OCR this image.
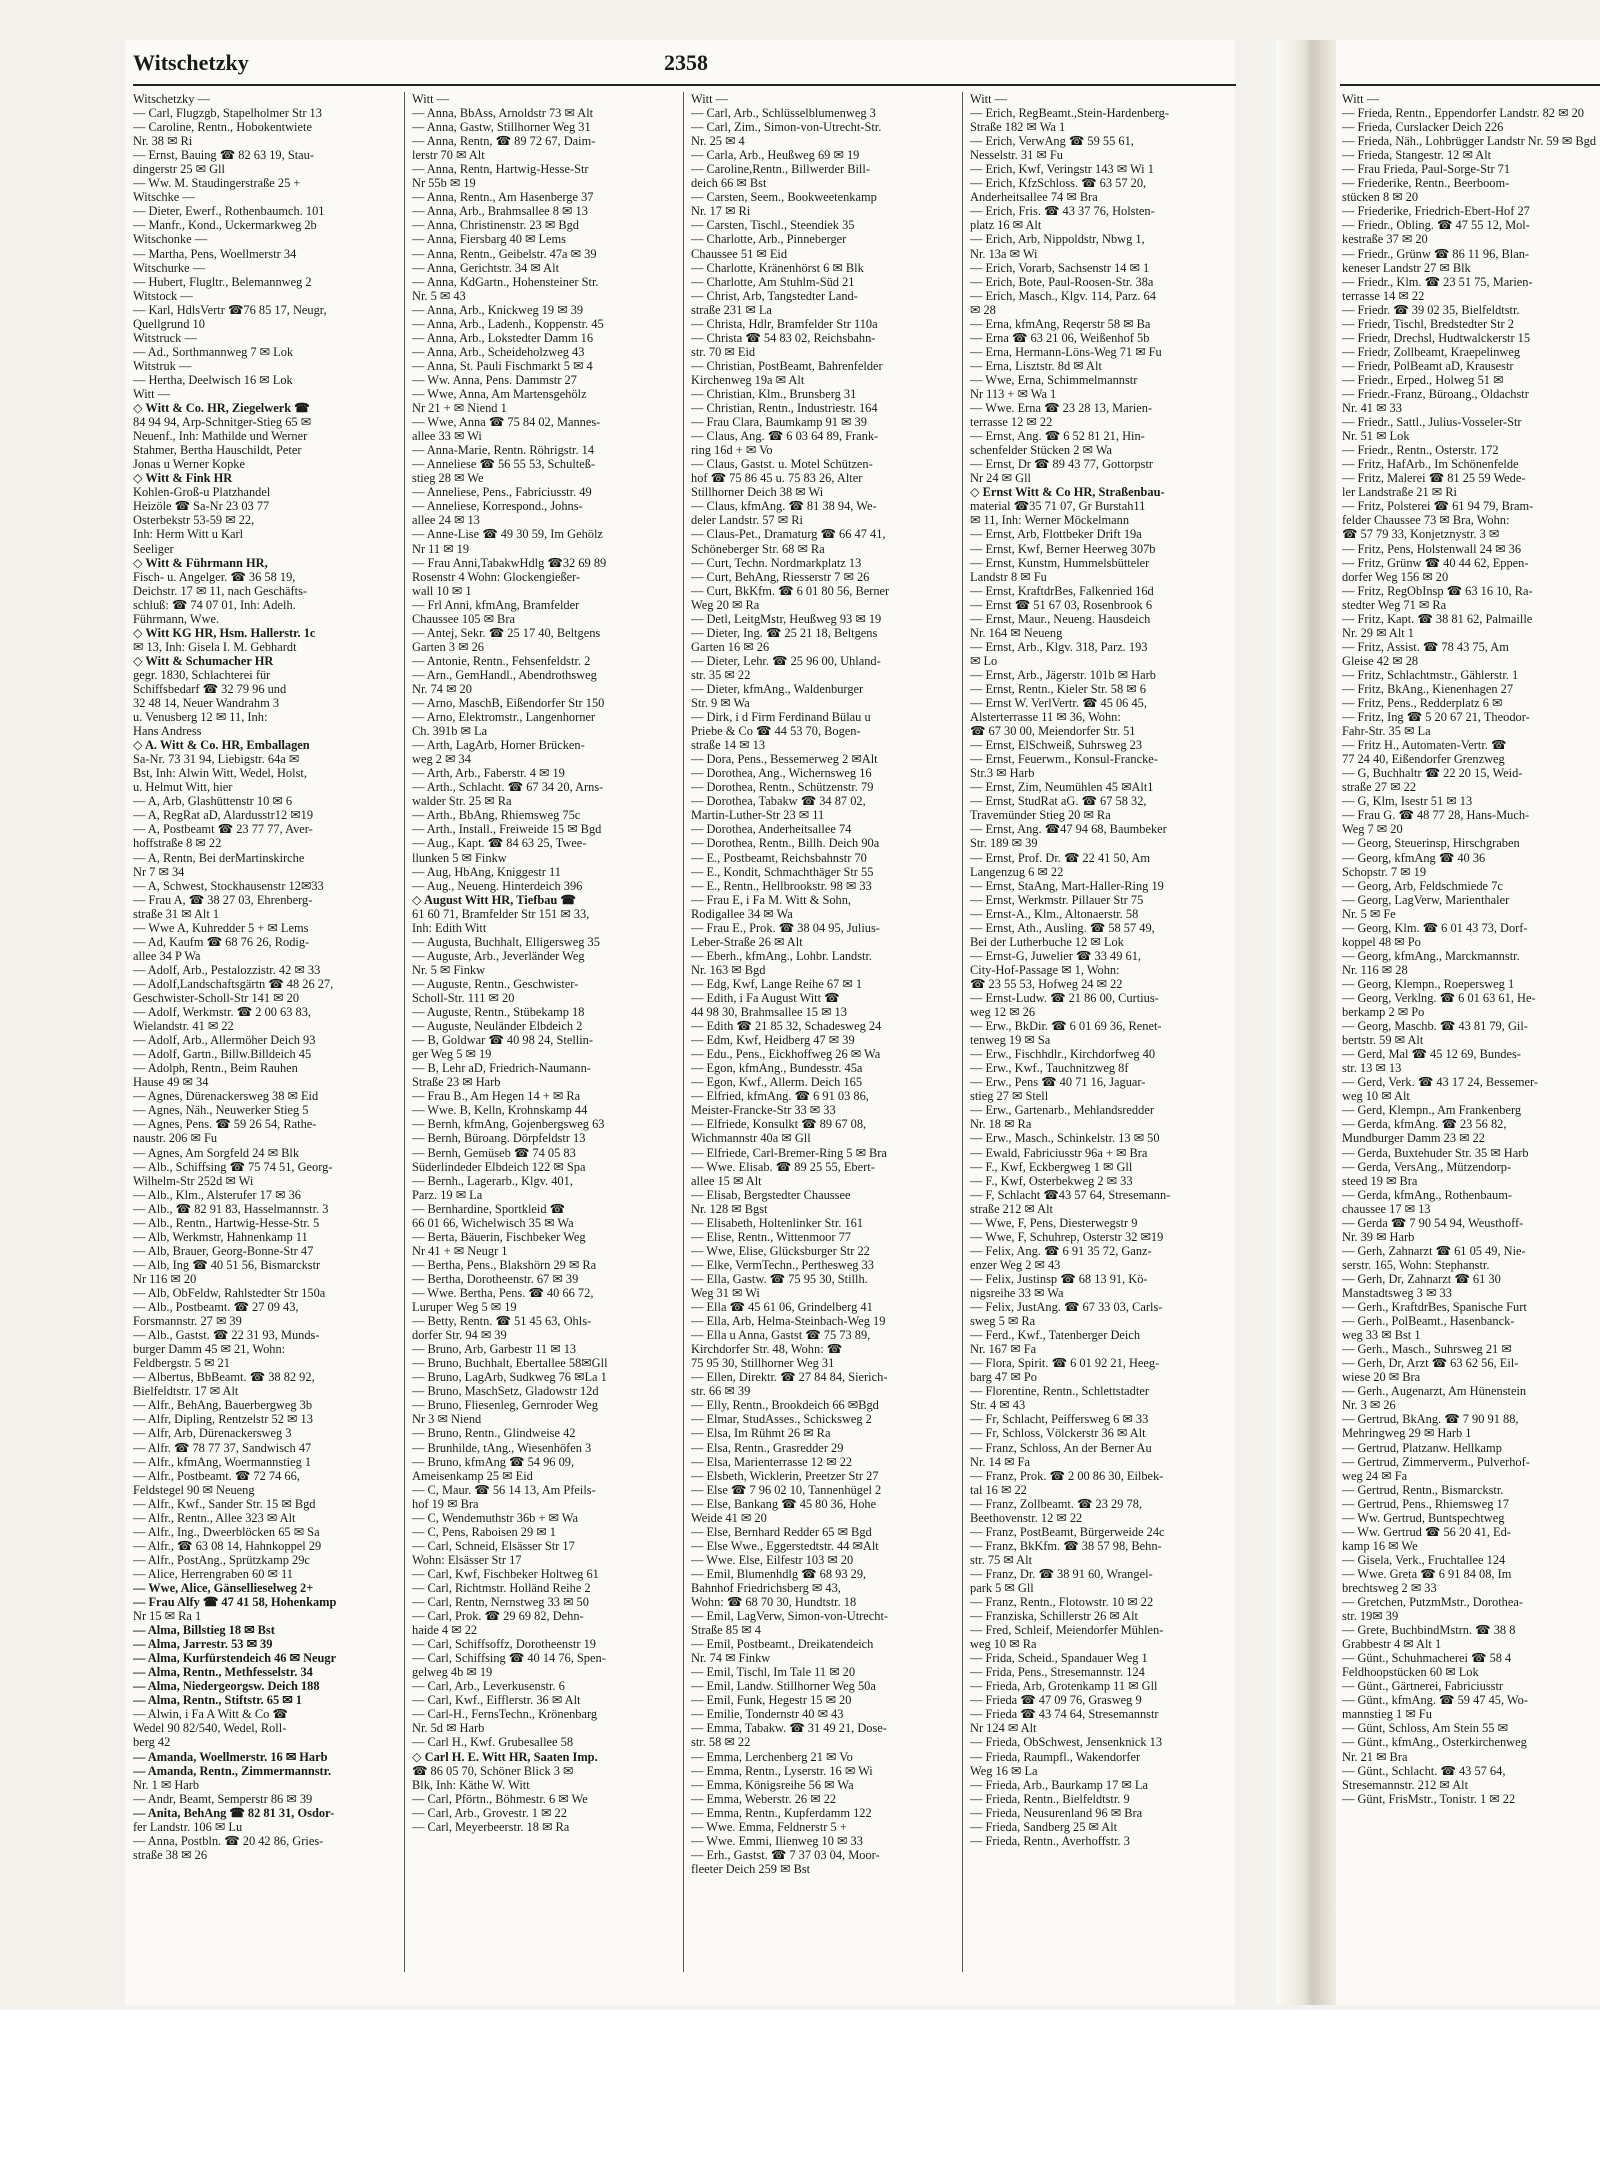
Witschetzky	2358
Witschetzky —
— Carl, Flugzgb, Stapelholmer Str 13
— Caroline, Rentn., Hobokentwiete
Nr. 38 ✉ Ri
— Ernst, Bauing ☎ 82 63 19, Stau-
dingerstr 25 ✉ Gll
— Ww. M. Staudingerstraße 25 +
Witschke —
— Dieter, Ewerf., Rothenbaumch. 101
— Manfr., Kond., Uckermarkweg 2b
Witschonke —
— Martha, Pens, Woellmerstr 34
Witschurke —
— Hubert, Flugltr., Belemannweg 2
Witstock —
— Karl, HdlsVertr ☎76 85 17, Neugr,
Quellgrund 10
Witstruck —
— Ad., Sorthmannweg 7 ✉ Lok
Witstruk —
— Hertha, Deelwisch 16 ✉ Lok
Witt —
◇ Witt & Co. HR, Ziegelwerk ☎
84 94 94, Arp-Schnitger-Stieg 65 ✉
Neuenf., Inh: Mathilde und Werner
Stahmer, Bertha Hauschildt, Peter
Jonas u Werner Kopke
◇ Witt & Fink HR
Kohlen-Groß-u Platzhandel
Heizöle ☎ Sa-Nr 23 03 77
Osterbekstr 53-59 ✉ 22,
Inh: Herm Witt u Karl
Seeliger
◇ Witt & Führmann HR,
Fisch- u. Angelger. ☎ 36 58 19,
Deichstr. 17 ✉ 11, nach Geschäfts-
schluß: ☎ 74 07 01, Inh: Adelh.
Führmann, Wwe.
◇ Witt KG HR, Hsm. Hallerstr. 1c
✉ 13, Inh: Gisela I. M. Gebhardt
◇ Witt & Schumacher HR
gegr. 1830, Schlachterei für
Schiffsbedarf ☎ 32 79 96 und
32 48 14, Neuer Wandrahm 3
u. Venusberg 12 ✉ 11, Inh:
Hans Andress
◇ A. Witt & Co. HR, Emballagen
Sa-Nr. 73 31 94, Liebigstr. 64a ✉
Bst, Inh: Alwin Witt, Wedel, Holst,
u. Helmut Witt, hier
— A, Arb, Glashüttenstr 10 ✉ 6
— A, RegRat aD, Alardusstr12 ✉19
— A, Postbeamt ☎ 23 77 77, Aver-
hoffstraße 8 ✉ 22
— A, Rentn, Bei derMartinskirche
Nr 7 ✉ 34
— A, Schwest, Stockhausenstr 12✉33
— Frau A, ☎ 38 27 03, Ehrenberg-
straße 31 ✉ Alt 1
— Wwe A, Kuhredder 5 + ✉ Lems
— Ad, Kaufm ☎ 68 76 26, Rodig-
allee 34 P Wa
— Adolf, Arb., Pestalozzistr. 42 ✉ 33
— Adolf,Landschaftsgärtn ☎ 48 26 27,
Geschwister-Scholl-Str 141 ✉ 20
— Adolf, Werkmstr. ☎ 2 00 63 83,
Wielandstr. 41 ✉ 22
— Adolf, Arb., Allermöher Deich 93
— Adolf, Gartn., Billw.Billdeich 45
— Adolph, Rentn., Beim Rauhen
Hause 49 ✉ 34
— Agnes, Dürenackersweg 38 ✉ Eid
— Agnes, Näh., Neuwerker Stieg 5
— Agnes, Pens. ☎ 59 26 54, Rathe-
naustr. 206 ✉ Fu
— Agnes, Am Sorgfeld 24 ✉ Blk
— Alb., Schiffsing ☎ 75 74 51, Georg-
Wilhelm-Str 252d ✉ Wi
— Alb., Klm., Alsterufer 17 ✉ 36
— Alb., ☎ 82 91 83, Hasselmannstr. 3
— Alb., Rentn., Hartwig-Hesse-Str. 5
— Alb, Werkmstr, Hahnenkamp 11
— Alb, Brauer, Georg-Bonne-Str 47
— Alb, Ing ☎ 40 51 56, Bismarckstr
Nr 116 ✉ 20
— Alb, ObFeldw, Rahlstedter Str 150a
— Alb., Postbeamt. ☎ 27 09 43,
Forsmannstr. 27 ✉ 39
— Alb., Gastst. ☎ 22 31 93, Munds-
burger Damm 45 ✉ 21, Wohn:
Feldbergstr. 5 ✉ 21
— Albertus, BbBeamt. ☎ 38 82 92,
Bielfeldtstr. 17 ✉ Alt
— Alfr., BehAng, Bauerbergweg 3b
— Alfr, Dipling, Rentzelstr 52 ✉ 13
— Alfr, Arb, Dürenackersweg 3
— Alfr. ☎ 78 77 37, Sandwisch 47
— Alfr., kfmAng, Woermannstieg 1
— Alfr., Postbeamt. ☎ 72 74 66,
Feldstegel 90 ✉ Neueng
— Alfr., Kwf., Sander Str. 15 ✉ Bgd
— Alfr., Rentn., Allee 323 ✉ Alt
— Alfr., Ing., Dweerblöcken 65 ✉ Sa
— Alfr., ☎ 63 08 14, Hahnkoppel 29
— Alfr., PostAng., Sprützkamp 29c
— Alice, Herrengraben 60 ✉ 11
— Wwe, Alice, Gänsellieselweg 2+
— Frau Alfy ☎ 47 41 58, Hohenkamp
Nr 15 ✉ Ra 1
— Alma, Billstieg 18 ✉ Bst
— Alma, Jarrestr. 53 ✉ 39
— Alma, Kurfürstendeich 46 ✉ Neugr
— Alma, Rentn., Methfesselstr. 34
— Alma, Niedergeorgsw. Deich 188
— Alma, Rentn., Stiftstr. 65 ✉ 1
— Alwin, i Fa A Witt & Co ☎
Wedel 90 82/540, Wedel, Roll-
berg 42
— Amanda, Woellmerstr. 16 ✉ Harb
— Amanda, Rentn., Zimmermannstr.
Nr. 1 ✉ Harb
— Andr, Beamt, Semperstr 86 ✉ 39
— Anita, BehAng ☎ 82 81 31, Osdor-
fer Landstr. 106 ✉ Lu
— Anna, Postbln. ☎ 20 42 86, Gries-
straße 38 ✉ 26
Witt —
— Anna, BbAss, Arnoldstr 73 ✉ Alt
— Anna, Gastw, Stillhorner Weg 31
— Anna, Rentn, ☎ 89 72 67, Daim-
lerstr 70 ✉ Alt
— Anna, Rentn, Hartwig-Hesse-Str
Nr 55b ✉ 19
— Anna, Rentn., Am Hasenberge 37
— Anna, Arb., Brahmsallee 8 ✉ 13
— Anna, Christinenstr. 23 ✉ Bgd
— Anna, Fiersbarg 40 ✉ Lems
— Anna, Rentn., Geibelstr. 47a ✉ 39
— Anna, Gerichtstr. 34 ✉ Alt
— Anna, KdGartn., Hohensteiner Str.
Nr. 5 ✉ 43
— Anna, Arb., Knickweg 19 ✉ 39
— Anna, Arb., Ladenh., Koppenstr. 45
— Anna, Arb., Lokstedter Damm 16
— Anna, Arb., Scheideholzweg 43
— Anna, St. Pauli Fischmarkt 5 ✉ 4
— Ww. Anna, Pens. Dammstr 27
— Wwe, Anna, Am Martensgehölz
Nr 21 + ✉ Niend 1
— Wwe, Anna ☎ 75 84 02, Mannes-
allee 33 ✉ Wi
— Anna-Marie, Rentn. Röhrigstr. 14
— Anneliese ☎ 56 55 53, Schulteß-
stieg 28 ✉ We
— Anneliese, Pens., Fabriciusstr. 49
— Anneliese, Korrespond., Johns-
allee 24 ✉ 13
— Anne-Lise ☎ 49 30 59, Im Gehölz
Nr 11 ✉ 19
— Frau Anni,TabakwHdlg ☎32 69 89
Rosenstr 4 Wohn: Glockengießer-
wall 10 ✉ 1
— Frl Anni, kfmAng, Bramfelder
Chaussee 105 ✉ Bra
— Antej, Sekr. ☎ 25 17 40, Beltgens
Garten 3 ✉ 26
— Antonie, Rentn., Fehsenfeldstr. 2
— Arn., GemHandl., Abendrothsweg
Nr. 74 ✉ 20
— Arno, MaschB, Eißendorfer Str 150
— Arno, Elektromstr., Langenhorner
Ch. 391b ✉ La
— Arth, LagArb, Horner Brücken-
weg 2 ✉ 34
— Arth, Arb., Faberstr. 4 ✉ 19
— Arth., Schlacht. ☎ 67 34 20, Arns-
walder Str. 25 ✉ Ra
— Arth., BbAng, Rhiemsweg 75c
— Arth., Install., Freiweide 15 ✉ Bgd
— Aug., Kapt. ☎ 84 63 25, Twee-
llunken 5 ✉ Finkw
— Aug, HbAng, Kniggestr 11
— Aug., Neueng. Hinterdeich 396
◇ August Witt HR, Tiefbau ☎
61 60 71, Bramfelder Str 151 ✉ 33,
Inh: Edith Witt
— Augusta, Buchhalt, Elligersweg 35
— Auguste, Arb., Jeverländer Weg
Nr. 5 ✉ Finkw
— Auguste, Rentn., Geschwister-
Scholl-Str. 111 ✉ 20
— Auguste, Rentn., Stübekamp 18
— Auguste, Neuländer Elbdeich 2
— B, Goldwar ☎ 40 98 24, Stellin-
ger Weg 5 ✉ 19
— B, Lehr aD, Friedrich-Naumann-
Straße 23 ✉ Harb
— Frau B., Am Hegen 14 + ✉ Ra
— Wwe. B, Kelln, Krohnskamp 44
— Bernh, kfmAng, Gojenbergsweg 63
— Bernh, Büroang. Dörpfeldstr 13
— Bernh, Gemüseb ☎ 74 05 83
Süderlindeder Elbdeich 122 ✉ Spa
— Bernh., Lagerarb., Klgv. 401,
Parz. 19 ✉ La
— Bernhardine, Sportkleid ☎
66 01 66, Wichelwisch 35 ✉ Wa
— Berta, Bäuerin, Fischbeker Weg
Nr 41 + ✉ Neugr 1
— Bertha, Pens., Blakshörn 29 ✉ Ra
— Bertha, Dorotheenstr. 67 ✉ 39
— Wwe. Bertha, Pens. ☎ 40 66 72,
Lurupег Weg 5 ✉ 19
— Betty, Rentn. ☎ 51 45 63, Ohls-
dorfer Str. 94 ✉ 39
— Bruno, Arb, Garbestr 11 ✉ 13
— Bruno, Buchhalt, Ebertallee 58✉Gll
— Bruno, LagArb, Sudkweg 76 ✉La 1
— Bruno, MaschSetz, Gladowstr 12d
— Bruno, Fliesenleg, Gernroder Weg
Nr 3 ✉ Niend
— Bruno, Rentn., Glindweise 42
— Brunhilde, tAng., Wiesenhöfen 3
— Bruno, kfmAng ☎ 54 96 09,
Ameisenkamp 25 ✉ Eid
— C, Maur. ☎ 56 14 13, Am Pfeils-
hof 19 ✉ Bra
— C, Wendemuthstr 36b + ✉ Wa
— C, Pens, Raboisen 29 ✉ 1
— Carl, Schneid, Elsässer Str 17
Wohn: Elsässer Str 17
— Carl, Kwf, Fischbeker Holtweg 61
— Carl, Richtmstr. Holländ Reihe 2
— Carl, Rentn, Nernstweg 33 ✉ 50
— Carl, Prok. ☎ 29 69 82, Dehn-
haide 4 ✉ 22
— Carl, Schiffsoffz, Dorotheenstr 19
— Carl, Schiffsing ☎ 40 14 76, Spen-
gelweg 4b ✉ 19
— Carl, Arb., Leverkusenstr. 6
— Carl, Kwf., Eifflerstr. 36 ✉ Alt
— Carl-H., FernsTechn., Krönenbarg
Nr. 5d ✉ Harb
— Carl H., Kwf. Grubesallee 58
◇ Carl H. E. Witt HR, Saaten Imp.
☎ 86 05 70, Schöner Blick 3 ✉
Blk, Inh: Käthe W. Witt
— Carl, Pförtn., Böhmestr. 6 ✉ We
— Carl, Arb., Grovestr. 1 ✉ 22
— Carl, Meyerbeerstr. 18 ✉ Ra
Witt —
— Carl, Arb., Schlüsselblumenweg 3
— Carl, Zim., Simon-von-Utrecht-Str.
Nr. 25 ✉ 4
— Carla, Arb., Heußweg 69 ✉ 19
— Caroline,Rentn., Billwerder Bill-
deich 66 ✉ Bst
— Carsten, Seem., Bookweetenkamp
Nr. 17 ✉ Ri
— Carsten, Tischl., Steendiek 35
— Charlotte, Arb., Pinneberger
Chaussee 51 ✉ Eid
— Charlotte, Kränenhörst 6 ✉ Blk
— Charlotte, Am Stuhlm-Süd 21
— Christ, Arb, Tangstedter Land-
straße 231 ✉ La
— Christa, Hdlr, Bramfelder Str 110a
— Christa ☎ 54 83 02, Reichsbahn-
str. 70 ✉ Eid
— Christian, PostBeamt, Bahrenfelder
Kirchenweg 19a ✉ Alt
— Christian, Klm., Brunsberg 31
— Christian, Rentn., Industriestr. 164
— Frau Clara, Baumkamp 91 ✉ 39
— Claus, Ang. ☎ 6 03 64 89, Frank-
ring 16d + ✉ Vo
— Claus, Gastst. u. Motel Schützen-
hof ☎ 75 86 45 u. 75 83 26, Alter
Stillhorner Deich 38 ✉ Wi
— Claus, kfmAng. ☎ 81 38 94, We-
deler Landstr. 57 ✉ Ri
— Claus-Pet., Dramaturg ☎ 66 47 41,
Schöneberger Str. 68 ✉ Ra
— Curt, Techn. Nordmarkplatz 13
— Curt, BehAng, Riesserstr 7 ✉ 26
— Curt, BkKfm. ☎ 6 01 80 56, Berner
Weg 20 ✉ Ra
— Detl, LeitgMstr, Heußweg 93 ✉ 19
— Dieter, Ing. ☎ 25 21 18, Beltgens
Garten 16 ✉ 26
— Dieter, Lehr. ☎ 25 96 00, Uhland-
str. 35 ✉ 22
— Dieter, kfmAng., Waldenburger
Str. 9 ✉ Wa
— Dirk, i d Firm Ferdinand Bülau u
Priebe & Co ☎ 44 53 70, Bogen-
straße 14 ✉ 13
— Dora, Pens., Bessemerweg 2 ✉Alt
— Dorothea, Ang., Wichernsweg 16
— Dorothea, Rentn., Schützenstr. 79
— Dorothea, Tabakw ☎ 34 87 02,
Martin-Luther-Str 23 ✉ 11
— Dorothea, Anderheitsallee 74
— Dorothea, Rentn., Billh. Deich 90a
— E., Postbeamt, Reichsbahnstr 70
— E., Kondit, Schmachthäger Str 55
— E., Rentn., Hellbrookstr. 98 ✉ 33
— Frau E, i Fa M. Witt & Sohn,
Rodigallee 34 ✉ Wa
— Frau E., Prok. ☎ 38 04 95, Julius-
Leber-Straße 26 ✉ Alt
— Eberh., kfmAng., Lohbr. Landstr.
Nr. 163 ✉ Bgd
— Edg, Kwf, Lange Reihe 67 ✉ 1
— Edith, i Fa August Witt ☎
44 98 30, Brahmsallee 15 ✉ 13
— Edith ☎ 21 85 32, Schadesweg 24
— Edm, Kwf, Heidberg 47 ✉ 39
— Edu., Pens., Eickhoffweg 26 ✉ Wa
— Egon, kfmAng., Bundesstr. 45a
— Egon, Kwf., Allerm. Deich 165
— Elfried, kfmAng. ☎ 6 91 03 86,
Meister-Francke-Str 33 ✉ 33
— Elfriede, Konsulkt ☎ 89 67 08,
Wichmannstr 40a ✉ Gll
— Elfriede, Carl-Bremer-Ring 5 ✉ Bra
— Wwe. Elisab. ☎ 89 25 55, Ebert-
allee 15 ✉ Alt
— Elisab, Bergstedter Chaussee
Nr. 128 ✉ Bgst
— Elisabeth, Holtenlinker Str. 161
— Elise, Rentn., Wittenmoor 77
— Wwe, Elise, Glücksburger Str 22
— Elke, VermTechn., Perthesweg 33
— Ella, Gastw. ☎ 75 95 30, Stillh.
Weg 31 ✉ Wi
— Ella ☎ 45 61 06, Grindelberg 41
— Ella, Arb, Helma-Steinbach-Weg 19
— Ella u Anna, Gastst ☎ 75 73 89,
Kirchdorfer Str. 48, Wohn: ☎
75 95 30, Stillhorner Weg 31
— Ellen, Direktr. ☎ 27 84 84, Sierich-
str. 66 ✉ 39
— Elly, Rentn., Brookdeich 66 ✉Bgd
— Elmar, StudAsses., Schicksweg 2
— Elsa, Im Rühmt 26 ✉ Ra
— Elsa, Rentn., Grasredder 29
— Elsa, Marienterrasse 12 ✉ 22
— Elsbeth, Wicklerin, Preetzer Str 27
— Else ☎ 7 96 02 10, Tannenhügel 2
— Else, Bankang ☎ 45 80 36, Hohe
Weide 41 ✉ 20
— Else, Bernhard Redder 65 ✉ Bgd
— Else Wwe., Eggerstedtstr. 44 ✉Alt
— Wwe. Else, Eilfestr 103 ✉ 20
— Emil, Blumenhdlg ☎ 68 93 29,
Bahnhof Friedrichsberg ✉ 43,
Wohn: ☎ 68 70 30, Hundtstr. 18
— Emil, LagVerw, Simon-von-Utrecht-
Straße 85 ✉ 4
— Emil, Postbeamt., Dreikatendeich
Nr. 74 ✉ Finkw
— Emil, Tischl, Im Tale 11 ✉ 20
— Emil, Landw. Stillhorner Weg 50a
— Emil, Funk, Hegestr 15 ✉ 20
— Emilie, Tondernstr 40 ✉ 43
— Emma, Tabakw. ☎ 31 49 21, Dose-
str. 58 ✉ 22
— Emma, Lerchenberg 21 ✉ Vo
— Emma, Rentn., Lyserstr. 16 ✉ Wi
— Emma, Königsreihe 56 ✉ Wa
— Emma, Weberstr. 26 ✉ 22
— Emma, Rentn., Kupferdamm 122
— Wwe. Emma, Feldnerstr 5 +
— Wwe. Emmi, Ilienweg 10 ✉ 33
— Erh., Gastst. ☎ 7 37 03 04, Moor-
fleeter Deich 259 ✉ Bst
Witt —
— Erich, RegBeamt.,Stein-Hardenberg-
Straße 182 ✉ Wa 1
— Erich, VerwAng ☎ 59 55 61,
Nesselstr. 31 ✉ Fu
— Erich, Kwf, Veringstr 143 ✉ Wi 1
— Erich, KfzSchloss. ☎ 63 57 20,
Anderheitsallee 74 ✉ Bra
— Erich, Fris. ☎ 43 37 76, Holsten-
platz 16 ✉ Alt
— Erich, Arb, Nippoldstr, Nbwg 1,
Nr. 13a ✉ Wi
— Erich, Vorarb, Sachsenstr 14 ✉ 1
— Erich, Bote, Paul-Roosen-Str. 38a
— Erich, Masch., Klgv. 114, Parz. 64
✉ 28
— Erna, kfmAng, Reqerstr 58 ✉ Ba
— Erna ☎ 63 21 06, Weißenhof 5b
— Erna, Hermann-Löns-Weg 71 ✉ Fu
— Erna, Lisztstr. 8d ✉ Alt
— Wwe, Erna, Schimmelmannstr
Nr 113 + ✉ Wa 1
— Wwe. Erna ☎ 23 28 13, Marien-
terrasse 12 ✉ 22
— Ernst, Ang. ☎ 6 52 81 21, Hin-
schenfelder Stücken 2 ✉ Wa
— Ernst, Dr ☎ 89 43 77, Gottorpstr
Nr 24 ✉ Gll
◇ Ernst Witt & Co HR, Straßenbau-
material ☎35 71 07, Gr Burstah11
✉ 11, Inh: Werner Möckelmann
— Ernst, Arb, Flottbeker Drift 19a
— Ernst, Kwf, Berner Heerweg 307b
— Ernst, Kunstm, Hummelsbütteler
Landstr 8 ✉ Fu
— Ernst, KraftdrBes, Falkenried 16d
— Ernst ☎ 51 67 03, Rosenbrook 6
— Ernst, Maur., Neueng. Hausdeich
Nr. 164 ✉ Neueng
— Ernst, Arb., Klgv. 318, Parz. 193
✉ Lo
— Ernst, Arb., Jägerstr. 101b ✉ Harb
— Ernst, Rentn., Kieler Str. 58 ✉ 6
— Ernst W. VerlVertr. ☎ 45 06 45,
Alsterterrasse 11 ✉ 36, Wohn:
☎ 67 30 00, Meiendorfer Str. 51
— Ernst, ElSchweiß, Suhrsweg 23
— Ernst, Feuerwm., Konsul-Francke-
Str.3 ✉ Harb
— Ernst, Zim, Neumühlen 45 ✉Alt1
— Ernst, StudRat aG. ☎ 67 58 32,
Travemünder Stieg 20 ✉ Ra
— Ernst, Ang. ☎47 94 68, Baumbeker
Str. 189 ✉ 39
— Ernst, Prof. Dr. ☎ 22 41 50, Am
Langenzug 6 ✉ 22
— Ernst, StaAng, Mart-Haller-Ring 19
— Ernst, Werkmstr. Pillauer Str 75
— Ernst-A., Klm., Altonaerstr. 58
— Ernst, Ath., Ausling. ☎ 58 57 49,
Bei der Lutherbuche 12 ✉ Lok
— Ernst-G, Juwelier ☎ 33 49 61,
City-Hof-Passage ✉ 1, Wohn:
☎ 23 55 53, Hofweg 24 ✉ 22
— Ernst-Ludw. ☎ 21 86 00, Curtius-
weg 12 ✉ 26
— Erw., BkDir. ☎ 6 01 69 36, Renet-
tenweg 19 ✉ Sa
— Erw., Fischhdlr., Kirchdorfweg 40
— Erw., Kwf., Tauchnitzweg 8f
— Erw., Pens ☎ 40 71 16, Jaguar-
stieg 27 ✉ Stell
— Erw., Gartenarb., Mehlandsredder
Nr. 18 ✉ Ra
— Erw., Masch., Schinkelstr. 13 ✉ 50
— Ewald, Fabriciusstr 96a + ✉ Bra
— F., Kwf, Eckbergweg 1 ✉ Gll
— F., Kwf, Osterbekweg 2 ✉ 33
— F, Schlacht ☎43 57 64, Stresemann-
straße 212 ✉ Alt
— Wwe, F, Pens, Diesterwegstr 9
— Wwe, F, Schuhrep, Osterstr 32 ✉19
— Felix, Ang. ☎ 6 91 35 72, Ganz-
enzer Weg 2 ✉ 43
— Felix, Justinsp ☎ 68 13 91, Kö-
nigsreihe 33 ✉ Wa
— Felix, JustAng. ☎ 67 33 03, Carls-
sweg 5 ✉ Ra
— Ferd., Kwf., Tatenberger Deich
Nr. 167 ✉ Fa
— Flora, Spirit. ☎ 6 01 92 21, Heeg-
barg 47 ✉ Po
— Florentine, Rentn., Schlettstadter
Str. 4 ✉ 43
— Fr, Schlacht, Peiffersweg 6 ✉ 33
— Fr, Schloss, Völckerstr 36 ✉ Alt
— Franz, Schloss, An der Berner Au
Nr. 14 ✉ Fa
— Franz, Prok. ☎ 2 00 86 30, Eilbek-
tal 16 ✉ 22
— Franz, Zollbeamt. ☎ 23 29 78,
Beethovenstr. 12 ✉ 22
— Franz, PostBeamt, Bürgerweide 24c
— Franz, BkKfm. ☎ 38 57 98, Behn-
str. 75 ✉ Alt
— Franz, Dr. ☎ 38 91 60, Wrangel-
park 5 ✉ Gll
— Franz, Rentn., Flotowstr. 10 ✉ 22
— Franziska, Schillerstr 26 ✉ Alt
— Fred, Schleif, Meiendorfer Mühlen-
weg 10 ✉ Ra
— Frida, Scheid., Spandauer Weg 1
— Frida, Pens., Stresemannstr. 124
— Frieda, Arb, Grotenkamp 11 ✉ Gll
— Frieda ☎ 47 09 76, Grasweg 9
— Frieda ☎ 43 74 64, Stresemannstr
Nr 124 ✉ Alt
— Frieda, ObSchwest, Jensenknick 13
— Frieda, Raumpfl., Wakendorfer
Weg 16 ✉ La
— Frieda, Arb., Baurkamp 17 ✉ La
— Frieda, Rentn., Bielfeldtstr. 9
— Frieda, Neusurenland 96 ✉ Bra
— Frieda, Sandberg 25 ✉ Alt
— Frieda, Rentn., Averhoffstr. 3
Witt —
— Frieda, Rentn., Eppendorfer Landstr. 82 ✉ 20
— Frieda, Curslacker Deich 226
— Frieda, Näh., Lohbrügger Landstr Nr. 59 ✉ Bgd
— Frieda, Stangestr. 12 ✉ Alt
— Frau Frieda, Paul-Sorge-Str 71
— Friederike, Rentn., Beerboom-
stücken 8 ✉ 20
— Friederike, Friedrich-Ebert-Hof 27
— Friedr., Obling. ☎ 47 55 12, Mol-
kestraße 37 ✉ 20
— Friedr., Grünw ☎ 86 11 96, Blan-
keneser Landstr 27 ✉ Blk
— Friedr., Klm. ☎ 23 51 75, Marien-
terrasse 14 ✉ 22
— Friedr. ☎ 39 02 35, Bielfeldtstr.
— Friedr, Tischl, Bredstedter Str 2
— Friedr, Drechsl, Hudtwalckerstr 15
— Friedr, Zollbeamt, Kraepelinweg
— Friedr, PolBeamt aD, Krausestr
— Friedr., Erped., Holweg 51 ✉
— Friedr.-Franz, Büroang., Oldachstr
Nr. 41 ✉ 33
— Friedr., Sattl., Julius-Vosseler-Str
Nr. 51 ✉ Lok
— Friedr., Rentn., Osterstr. 172
— Fritz, HafArb., Im Schönenfelde
— Fritz, Malerei ☎ 81 25 59 Wede-
ler Landstraße 21 ✉ Ri
— Fritz, Polsterei ☎ 61 94 79, Bram-
felder Chaussee 73 ✉ Bra, Wohn:
☎ 57 79 33, Konjetznystr. 3 ✉
— Fritz, Pens, Holstenwall 24 ✉ 36
— Fritz, Grünw ☎ 40 44 62, Eppen-
dorfer Weg 156 ✉ 20
— Fritz, RegObInsp ☎ 63 16 10, Ra-
stedter Weg 71 ✉ Ra
— Fritz, Kapt. ☎ 38 81 62, Palmaille
Nr. 29 ✉ Alt 1
— Fritz, Assist. ☎ 78 43 75, Am
Gleise 42 ✉ 28
— Fritz, Schlachtmstr., Gählerstr. 1
— Fritz, BkAng., Kienenhagen 27
— Fritz, Pens., Redderplatz 6 ✉
— Fritz, Ing ☎ 5 20 67 21, Theodor-
Fahr-Str. 35 ✉ La
— Fritz H., Automaten-Vertr. ☎
77 24 40, Eißendorfer Grenzweg
— G, Buchhaltr ☎ 22 20 15, Weid-
straße 27 ✉ 22
— G, Klm, Isestr 51 ✉ 13
— Frau G. ☎ 48 77 28, Hans-Much-
Weg 7 ✉ 20
— Georg, Steuerinsp, Hirschgraben
— Georg, kfmAng ☎ 40 36
Schopstr. 7 ✉ 19
— Georg, Arb, Feldschmiede 7c
— Georg, LagVerw, Marienthaler
Nr. 5 ✉ Fe
— Georg, Klm. ☎ 6 01 43 73, Dorf-
koppel 48 ✉ Po
— Georg, kfmAng., Marckmannstr.
Nr. 116 ✉ 28
— Georg, Klempn., Roepersweg 1
— Georg, Verklng. ☎ 6 01 63 61, He-
berkamp 2 ✉ Po
— Georg, Maschb. ☎ 43 81 79, Gil-
bertstr. 59 ✉ Alt
— Gerd, Mal ☎ 45 12 69, Bundes-
str. 13 ✉ 13
— Gerd, Verk. ☎ 43 17 24, Bessemer-
weg 10 ✉ Alt
— Gerd, Klempn., Am Frankenberg
— Gerda, kfmAng. ☎ 23 56 82,
Mundburger Damm 23 ✉ 22
— Gerda, Buxtehuder Str. 35 ✉ Harb
— Gerda, VersAng., Mützendorp-
steed 19 ✉ Bra
— Gerda, kfmAng., Rothenbaum-
chaussee 17 ✉ 13
— Gerda ☎ 7 90 54 94, Weusthoff-
Nr. 39 ✉ Harb
— Gerh, Zahnarzt ☎ 61 05 49, Nie-
serstr. 165, Wohn: Stephanstr.
— Gerh, Dr, Zahnarzt ☎ 61 30
Manstadtsweg 3 ✉ 33
— Gerh., KraftdrBes, Spanische Furt
— Gerh., PolBeamt., Hasenbanck-
weg 33 ✉ Bst 1
— Gerh., Masch., Suhrsweg 21 ✉
— Gerh, Dr, Arzt ☎ 63 62 56, Eil-
wiese 20 ✉ Bra
— Gerh., Augenarzt, Am Hünenstein
Nr. 3 ✉ 26
— Gertrud, BkAng. ☎ 7 90 91 88,
Mehringweg 29 ✉ Harb 1
— Gertrud, Platzanw. Hellkamp
— Gertrud, Zimmerverm., Pulverhof-
weg 24 ✉ Fa
— Gertrud, Rentn., Bismarckstr.
— Gertrud, Pens., Rhiemsweg 17
— Ww. Gertrud, Buntspechtweg
— Ww. Gertrud ☎ 56 20 41, Ed-
kamp 16 ✉ We
— Gisela, Verk., Fruchtallee 124
— Wwe. Greta ☎ 6 91 84 08, Im
brechtsweg 2 ✉ 33
— Gretchen, PutzmMstr., Dorothea-
str. 19✉ 39
— Grete, BuchbindMstrn. ☎ 38 8
Grabbestr 4 ✉ Alt 1
— Günt., Schuhmacherei ☎ 58 4
Feldhoopstücken 60 ✉ Lok
— Günt., Gärtnerei, Fabriciusstr
— Günt., kfmAng. ☎ 59 47 45, Wo-
mannstieg 1 ✉ Fu
— Günt, Schloss, Am Stein 55 ✉
— Günt., kfmAng., Osterkirchenweg
Nr. 21 ✉ Bra
— Günt., Schlacht. ☎ 43 57 64,
Stresemannstr. 212 ✉ Alt
— Günt, FrisMstr., Tonistr. 1 ✉ 22
